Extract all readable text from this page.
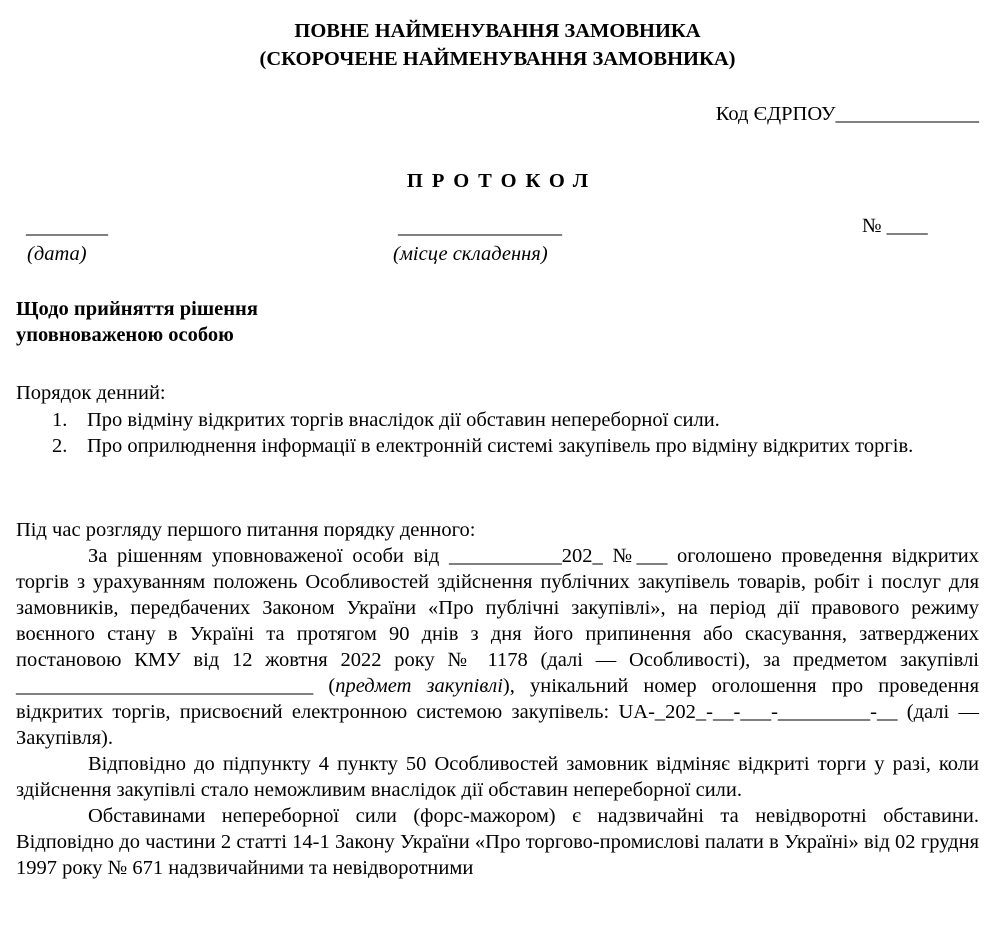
ПОВНЕ НАЙМЕНУВАННЯ ЗАМОВНИКА
(СКОРОЧЕНЕ НАЙМЕНУВАННЯ ЗАМОВНИКА)
Код ЄДРПОУ______________
ПРОТОКОЛ
________
(дата)
________________
(місце складення)
№ ____
Щодо прийняття рішення
уповноваженою особою
Порядок денний:
1. Про відміну відкритих торгів внаслідок дії обставин непереборної сили.
2. Про оприлюднення інформації в електронній системі закупівель про відміну відкритих торгів.

Під час розгляду першого питання порядку денного:

За рішенням уповноваженої особи від ___________202_ №___ оголошено проведення відкритих торгів з урахуванням положень Особливостей здійснення публічних закупівель товарів, робіт і послуг для замовників, передбачених Законом України «Про публічні закупівлі», на період дії правового режиму воєнного стану в Україні та протягом 90 днів з дня його припинення або скасування, затверджених постановою КМУ від 12 жовтня 2022 року № 1178 (далі — Особливості), за предметом закупівлі _____________________________ (предмет закупівлі), унікальний номер оголошення про проведення відкритих торгів, присвоєний електронною системою закупівель: UA-_202_-__-___-_________-__ (далі — Закупівля).

Відповідно до підпункту 4 пункту 50 Особливостей замовник відміняє відкриті торги у разі, коли здійснення закупівлі стало неможливим внаслідок дії обставин непереборної сили.

Обставинами непереборної сили (форс-мажором) є надзвичайні та невідворотні обставини. Відповідно до частини 2 статті 14-1 Закону України «Про торгово-промислові палати в Україні» від 02 грудня 1997 року № 671 надзвичайними та невідворотними
